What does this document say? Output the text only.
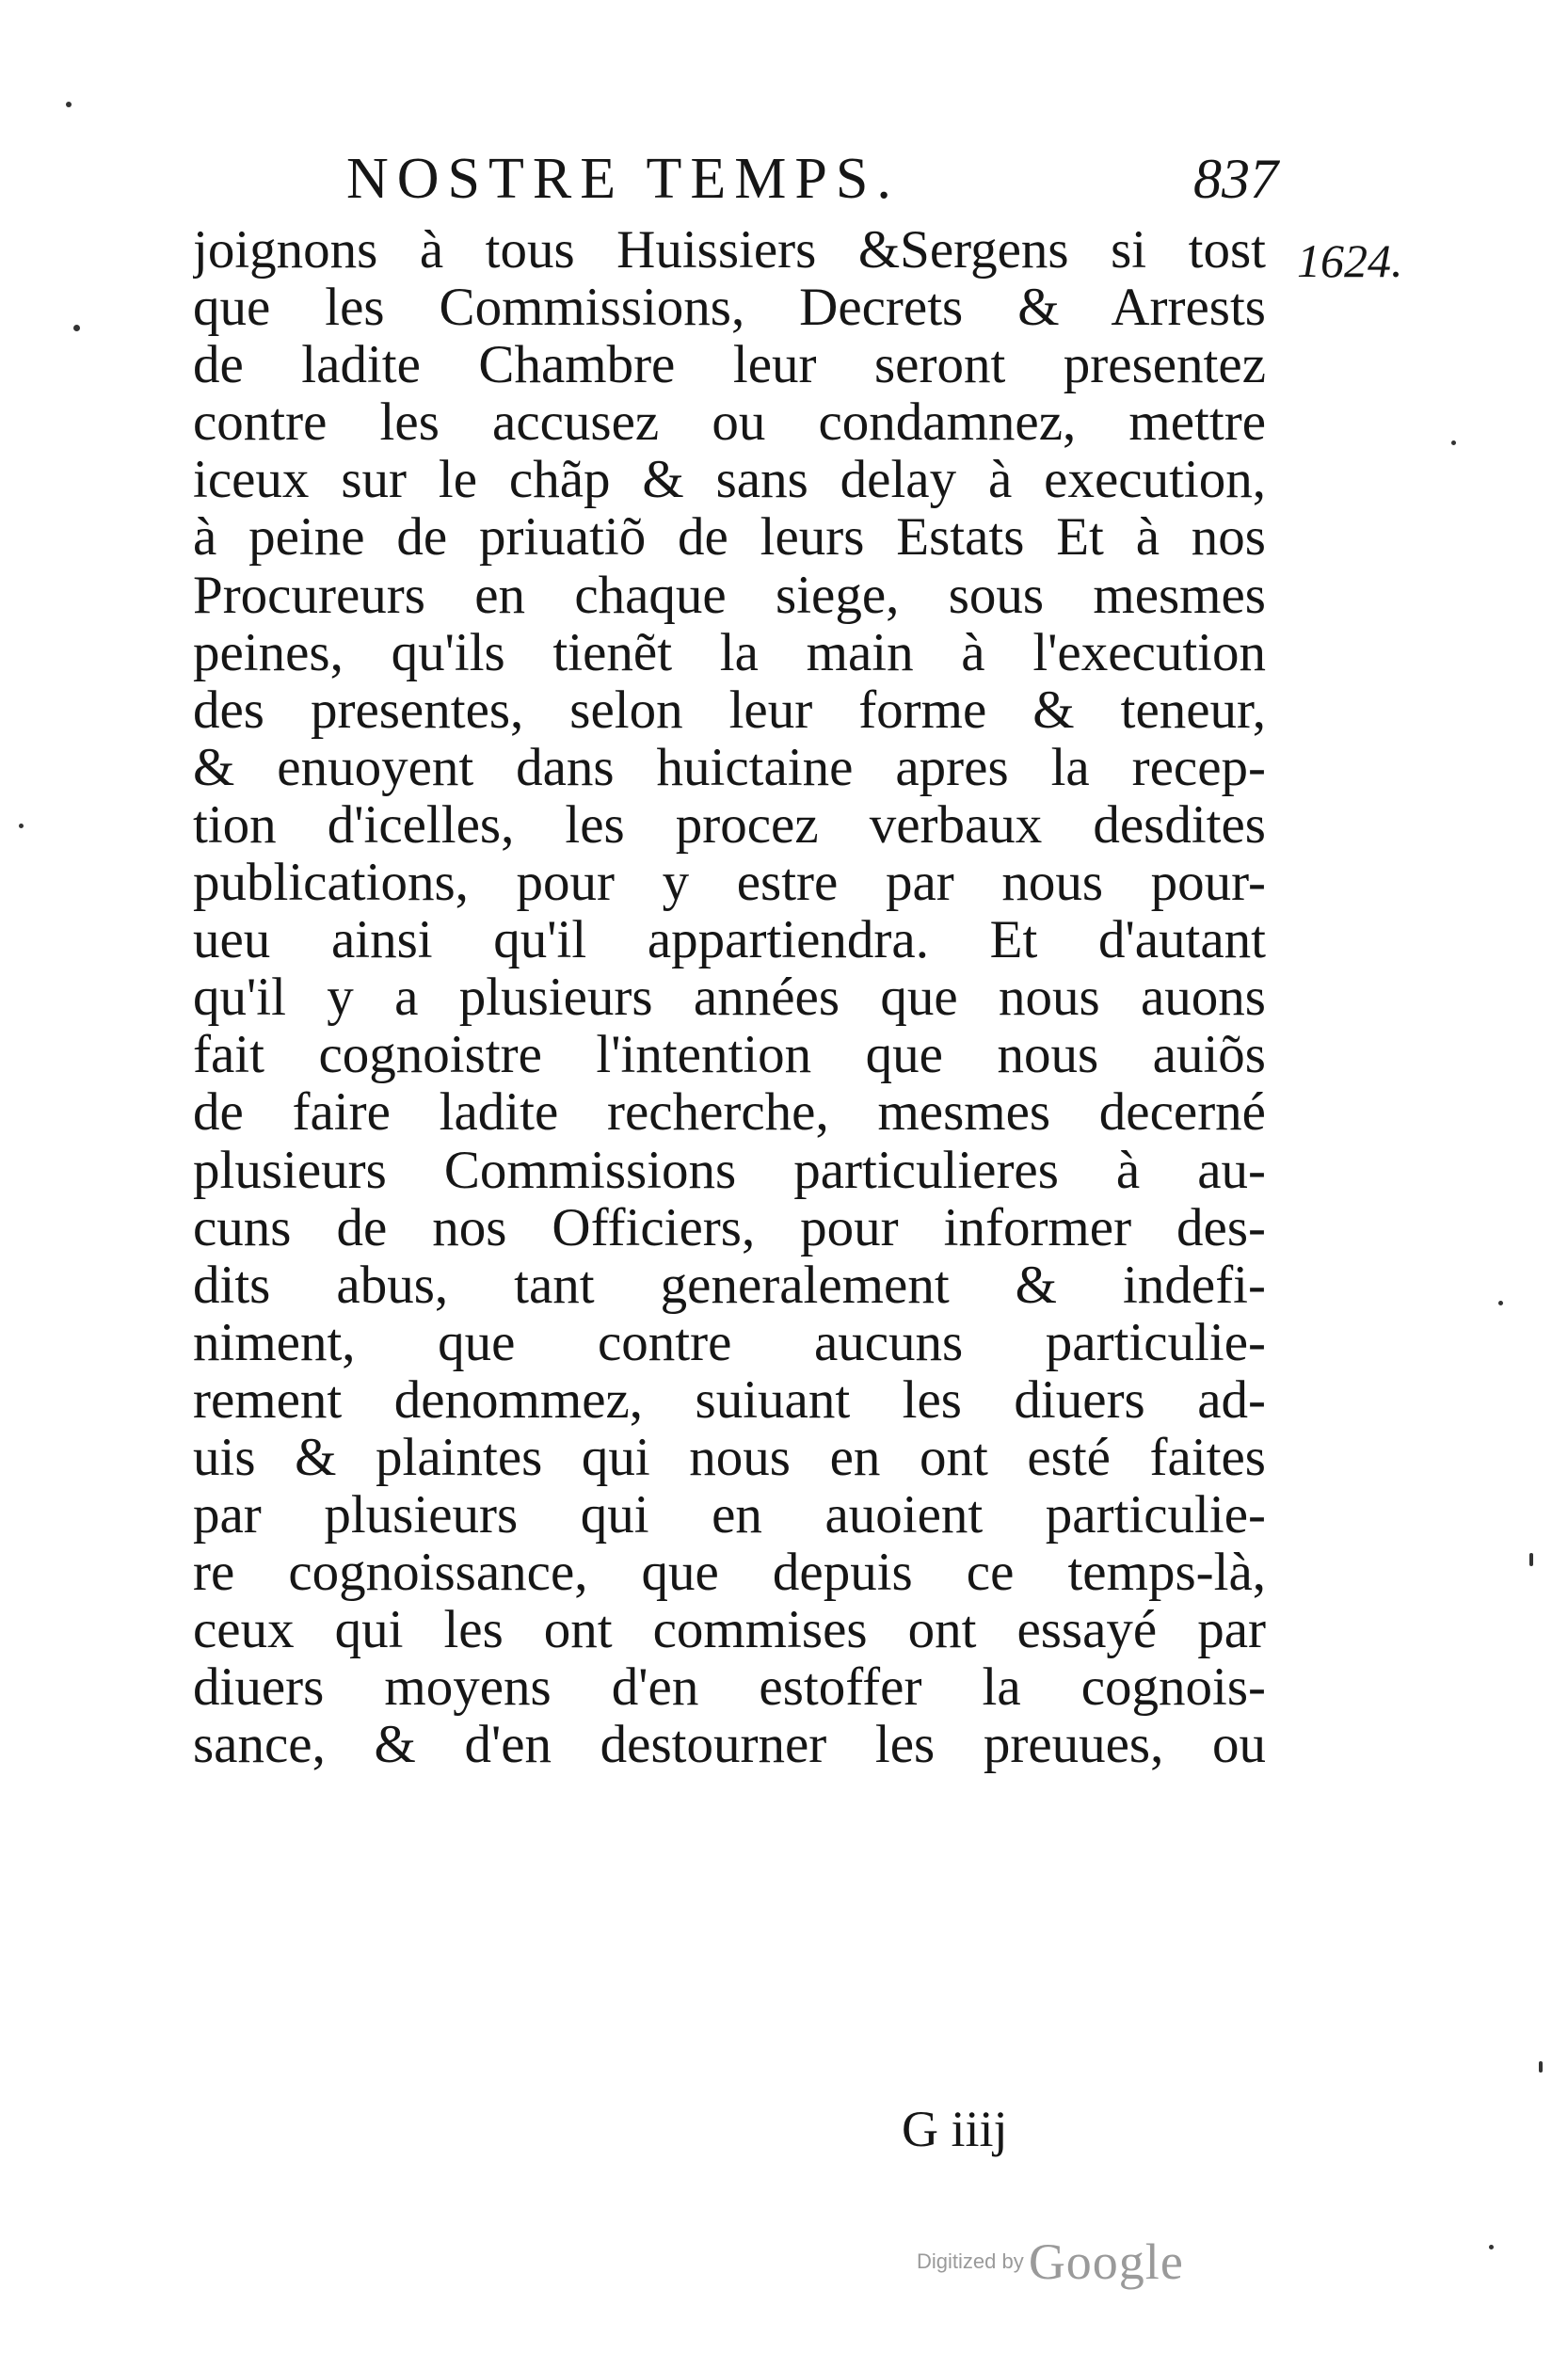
NOSTRE TEMPS.	837
1624.
joignons à tous Huissiers &Sergens si tost
que les Commissions, Decrets & Arrests
de ladite Chambre leur seront presentez
contre les accusez ou condamnez, mettre
iceux sur le chãp & sans delay à execution,
à peine de priuatiõ de leurs Estats Et à nos
Procureurs en chaque siege, sous mesmes
peines, qu'ils tienẽt la main à l'execution
des presentes, selon leur forme & teneur,
& enuoyent dans huictaine apres la recep-
tion d'icelles, les procez verbaux desdites
publications, pour y estre par nous pour-
ueu ainsi qu'il appartiendra. Et d'autant
qu'il y a plusieurs années que nous auons
fait cognoistre l'intention que nous auiõs
de faire ladite recherche, mesmes decerné
plusieurs Commissions particulieres à au-
cuns de nos Officiers, pour informer des-
dits abus, tant generalement & indefi-
niment, que contre aucuns particulie-
rement denommez, suiuant les diuers ad-
uis & plaintes qui nous en ont esté faites
par plusieurs qui en auoient particulie-
re cognoissance, que depuis ce temps-là,
ceux qui les ont commises ont essayé par
diuers moyens d'en estoffer la cognois-
sance, & d'en destourner les preuues, ou
G iiij
Digitized by Google
